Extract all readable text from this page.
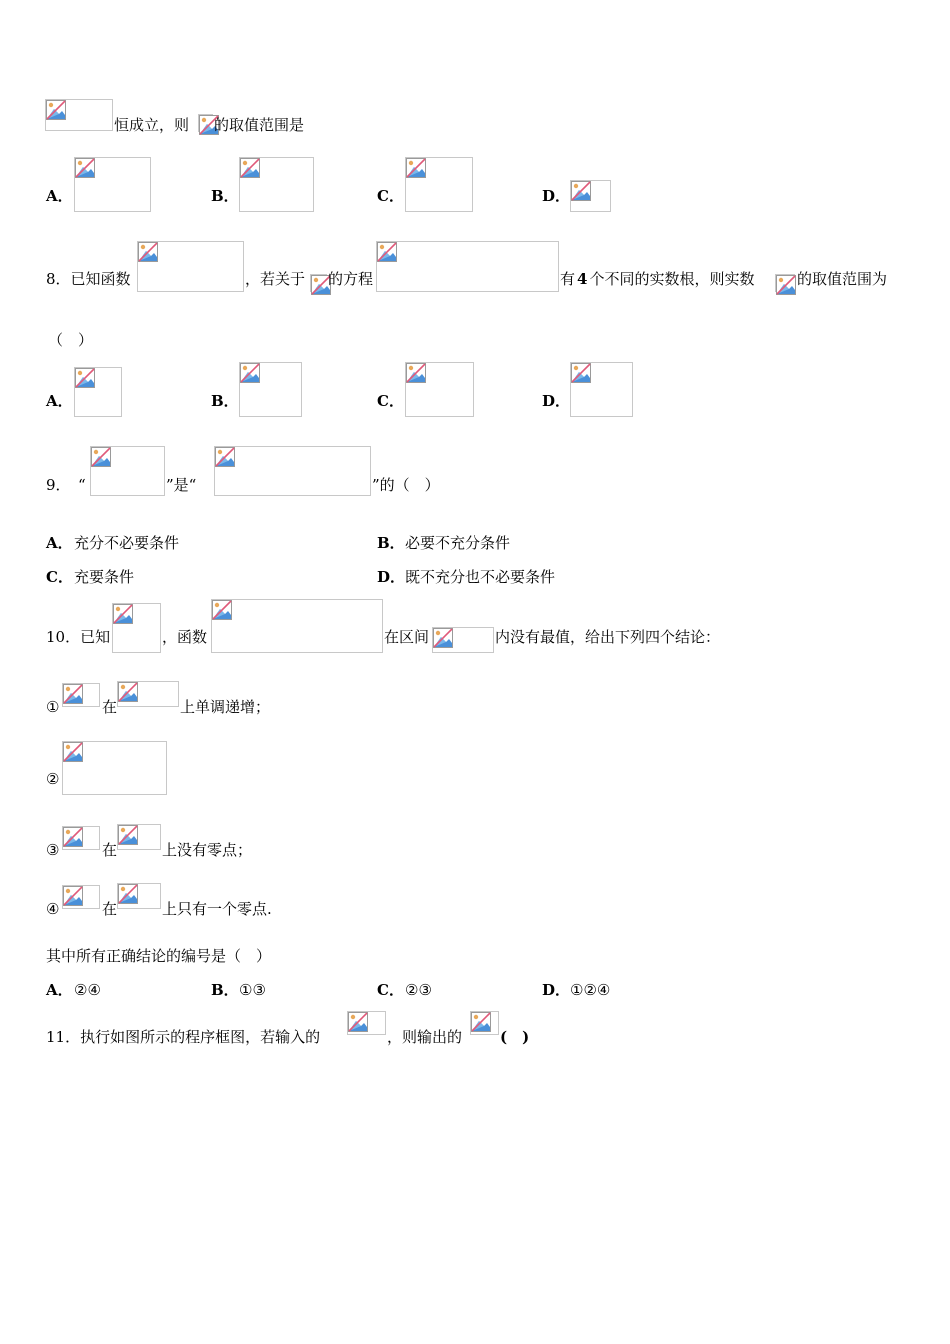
恒成立，则 的取值范围是
A．	B．	C．	D．
8．已知函数	，若关于 的方程	有 4 个不同的实数根，则实数	的取值范围为
（　）
A．	B．	C．	D．
9． “	”是“	”的（　）
A． 充分不必要条件	B． 必要不充分条件
C． 充要条件	D． 既不充分也不必要条件
10．已知	，函数	在区间	内没有最值，给出下列四个结论：
①	在	上单调递增；
②
③	在	上没有零点；
④	在	上只有一个零点.
其中所有正确结论的编号是（　）
A． ②④	B． ①③	C． ②③	D． ①②④
11．执行如图所示的程序框图，若输入的	，则输出的	(　)
